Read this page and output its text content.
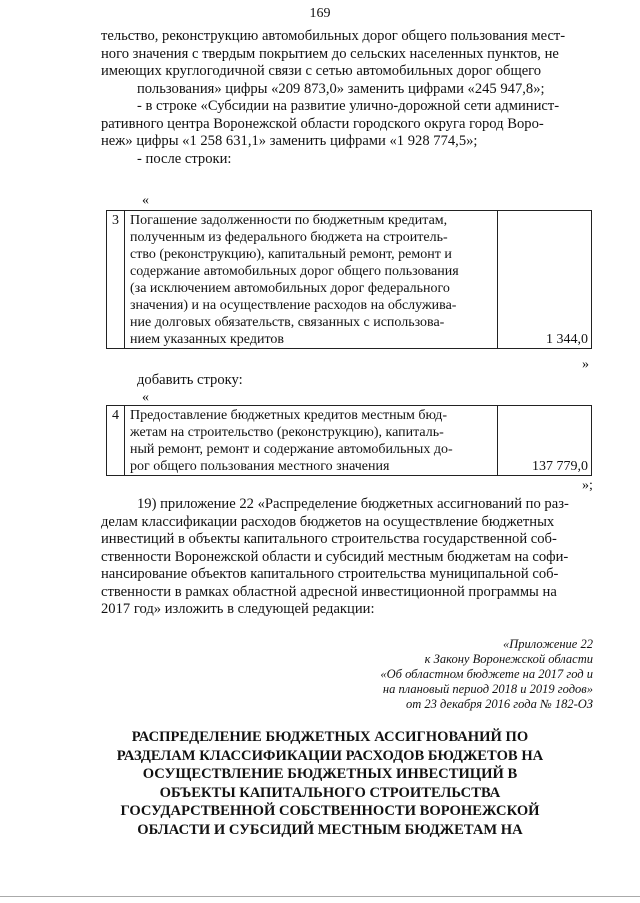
169

тельство, реконструкцию автомобильных дорог общего пользования мест-

ного значения с твердым покрытием до сельских населенных пунктов, не

имеющих круглогодичной связи с сетью автомобильных дорог общего

пользования» цифры «209 873,0» заменить цифрами «245 947,8»;

- в строке «Субсидии на развитие улично-дорожной сети админист-

ративного центра Воронежской области городского округа город Воро-

неж» цифры «1 258 631,1» заменить цифрами «1 928 774,5»;

- после строки:

«
3	Погашение задолженности по бюджетным кредитам,
полученным из федерального бюджета на строитель-
ство (реконструкцию), капитальный ремонт, ремонт и
содержание автомобильных дорог общего пользования
(за исключением автомобильных дорог федерального
значения) и на осуществление расходов на обслужива-
ние долговых обязательств, связанных с использова-
нием указанных кредитов	1 344,0
»
добавить строку:
«
4	Предоставление бюджетных кредитов местным бюд-
жетам на строительство (реконструкцию), капиталь-
ный ремонт, ремонт и содержание автомобильных до-
рог общего пользования местного значения	137 779,0
»;

19) приложение 22 «Распределение бюджетных ассигнований по раз-

делам классификации расходов бюджетов на осуществление бюджетных

инвестиций в объекты капитального строительства государственной соб-

ственности Воронежской области и субсидий местным бюджетам на софи-

нансирование объектов капитального строительства муниципальной соб-

ственности в рамках областной адресной инвестиционной программы на

2017 год» изложить в следующей редакции:

«Приложение 22
к Закону Воронежской области
«Об областном бюджете на 2017 год и
на плановый период 2018 и 2019 годов»
от 23 декабря 2016 года № 182-ОЗ
РАСПРЕДЕЛЕНИЕ БЮДЖЕТНЫХ АССИГНОВАНИЙ ПО
РАЗДЕЛАМ КЛАССИФИКАЦИИ РАСХОДОВ БЮДЖЕТОВ НА
ОСУЩЕСТВЛЕНИЕ БЮДЖЕТНЫХ ИНВЕСТИЦИЙ В
ОБЪЕКТЫ КАПИТАЛЬНОГО СТРОИТЕЛЬСТВА
ГОСУДАРСТВЕННОЙ СОБСТВЕННОСТИ ВОРОНЕЖСКОЙ
ОБЛАСТИ И СУБСИДИЙ МЕСТНЫМ БЮДЖЕТАМ НА
